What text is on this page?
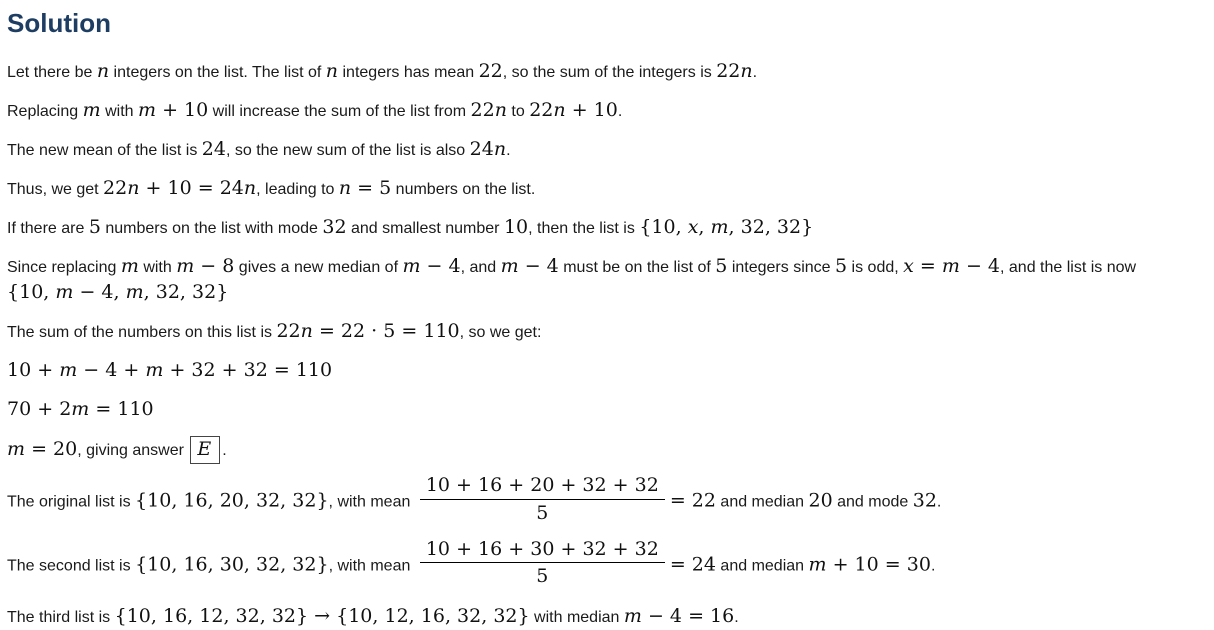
Solution

Let there be n integers on the list. The list of n integers has mean 22, so the sum of the integers is 22n.

Replacing m with m + 10 will increase the sum of the list from 22n to 22n + 10.

The new mean of the list is 24, so the new sum of the list is also 24n.

Thus, we get 22n + 10 = 24n, leading to n = 5 numbers on the list.

If there are 5 numbers on the list with mode 32 and smallest number 10, then the list is {10, x, m, 32, 32}

Since replacing m with m − 8 gives a new median of m − 4, and m − 4 must be on the list of 5 integers since 5 is odd, x = m − 4, and the list is now {10, m − 4, m, 32, 32}

The sum of the numbers on this list is 22n = 22 · 5 = 110, so we get:

10 + m − 4 + m + 32 + 32 = 110

70 + 2m = 110

m = 20, giving answer E .

The original list is {10, 16, 20, 32, 32}, with mean $\frac{10 + 16 + 20 + 32 + 32}{5} = 22$ and median 20 and mode 32.

The second list is {10, 16, 30, 32, 32}, with mean $\frac{10 + 16 + 30 + 32 + 32}{5} = 24$ and median m + 10 = 30.

The third list is {10, 16, 12, 32, 32} → {10, 12, 16, 32, 32} with median m − 4 = 16.
